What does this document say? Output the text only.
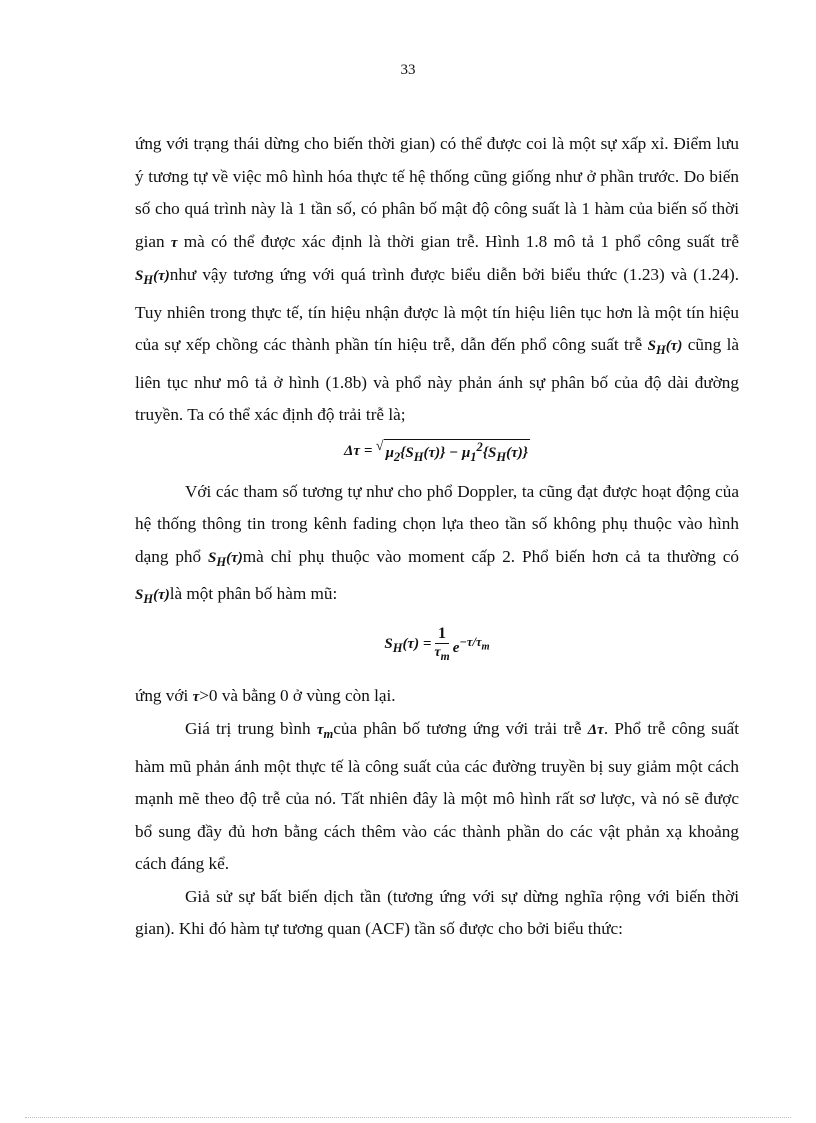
33

ứng với trạng thái dừng cho biến thời gian) có thể được coi là một sự xấp xỉ. Điểm lưu ý tương tự về việc mô hình hóa thực tế hệ thống cũng giống như ở phần trước. Do biến số cho quá trình này là 1 tần số, có phân bố mật độ công suất là 1 hàm của biến số thời gian τ mà có thể được xác định là thời gian trễ. Hình 1.8 mô tả 1 phổ công suất trễ $S_H(\tau)như$ vậy tương ứng với quá trình được biểu diễn bởi biểu thức (1.23) và (1.24). Tuy nhiên trong thực tế, tín hiệu nhận được là một tín hiệu liên tục hơn là một tín hiệu của sự xếp chồng các thành phần tín hiệu trễ, dẫn đến phổ công suất trễ $S_H(\tau)$ cũng là liên tục như mô tả ở hình (1.8b) và phổ này phản ánh sự phân bố của độ dài đường truyền. Ta có thể xác định độ trải trễ là;

Δτ =
√ $\mu_2\{S_H(\tau)\} - \mu_1^2\{S_H(\tau)\}$

Với các tham số tương tự như cho phổ Doppler, ta cũng đạt được hoạt động của hệ thống thông tin trong kênh fading chọn lựa theo tần số không phụ thuộc vào hình dạng phổ $S_H(\tau)mà$ chỉ phụ thuộc vào moment cấp 2. Phổ biến hơn cả ta thường có $S_H(\tau)là$ một phân bố hàm mũ:

$S_H(\tau) = \frac{1}{\tau_m} e^{-\tau/\tau_m}$

ứng với τ>0 và bằng 0 ở vùng còn lại.

Giá trị trung bình $\tau_mcủa$ phân bố tương ứng với trải trễ Δτ. Phổ trễ công suất hàm mũ phản ánh một thực tế là công suất của các đường truyền bị suy giảm một cách mạnh mẽ theo độ trễ của nó. Tất nhiên đây là một mô hình rất sơ lược, và nó sẽ được bổ sung đầy đủ hơn bằng cách thêm vào các thành phần do các vật phản xạ khoảng cách đáng kể.

Giả sử sự bất biến dịch tần (tương ứng với sự dừng nghĩa rộng với biến thời gian). Khi đó hàm tự tương quan (ACF) tần số được cho bởi biểu thức:
